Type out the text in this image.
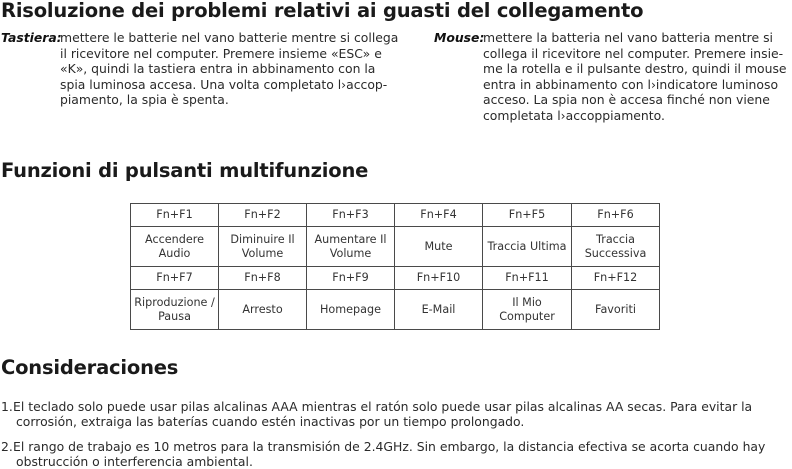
Risoluzione dei problemi relativi ai guasti del collegamento
Tastiera:
mettere le batterie nel vano batterie mentre si collega il ricevitore nel computer. Premere insieme «ESC» e «K», quindi la tastiera entra in abbinamento con la spia luminosa accesa. Una volta completato l›accop-piamento, la spia è spenta.
Mouse:
mettere la batteria nel vano batteria mentre si collega il ricevitore nel computer. Premere insie-me la rotella e il pulsante destro, quindi il mouse entra in abbinamento con l›indicatore luminoso acceso. La spia non è accesa finché non viene completata l›accoppiamento.
Funzioni di pulsanti multifunzione
Fn+F1	Fn+F2	Fn+F3	Fn+F4	Fn+F5	Fn+F6
Accendere Audio	Diminuire Il Volume	Aumentare Il Volume	Mute	Traccia Ultima	Traccia Successiva
Fn+F7	Fn+F8	Fn+F9	Fn+F10	Fn+F11	Fn+F12
Riproduzione / Pausa	Arresto	Homepage	E-Mail	Il Mio Computer	Favoriti
Consideraciones
1. El teclado solo puede usar pilas alcalinas AAA mientras el ratón solo puede usar pilas alcalinas AA secas. Para evitar la corrosión, extraiga las baterías cuando estén inactivas por un tiempo prolongado.
2. El rango de trabajo es 10 metros para la transmisión de 2.4GHz. Sin embargo, la distancia efectiva se acorta cuando hay obstrucción o interferencia ambiental.
